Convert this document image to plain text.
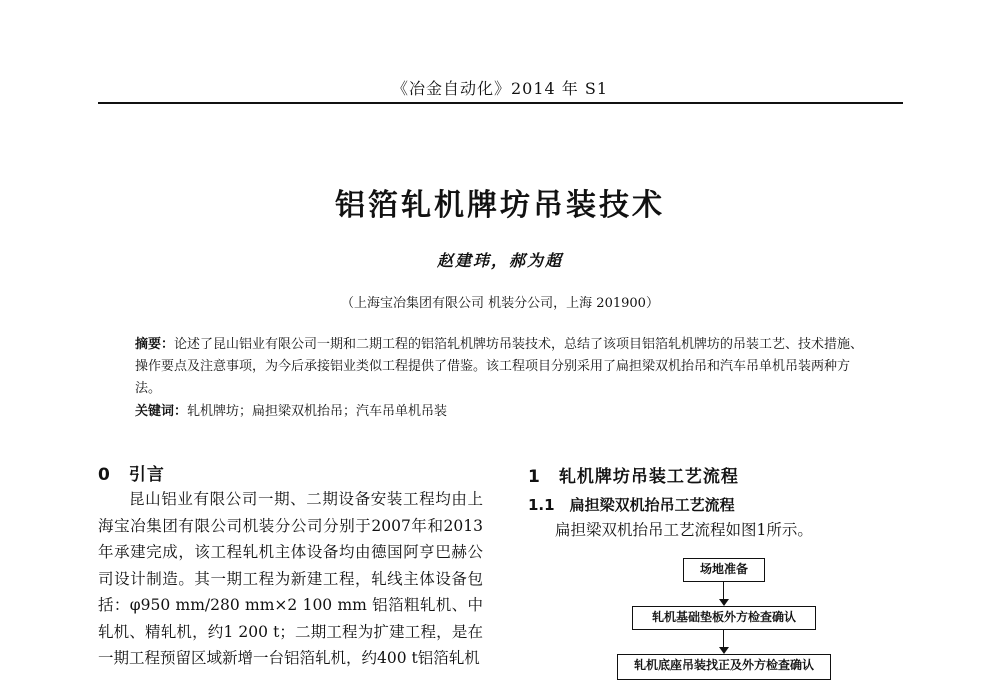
《冶金自动化》2014 年 S1
铝箔轧机牌坊吊装技术
赵建玮，郝为超
（上海宝冶集团有限公司 机装分公司，上海 201900）
摘要：论述了昆山铝业有限公司一期和二期工程的铝箔轧机牌坊吊装技术，总结了该项目铝箔轧机牌坊的吊装工艺、技术措施、操作要点及注意事项，为今后承接铝业类似工程提供了借鉴。该工程项目分别采用了扁担梁双机抬吊和汽车吊单机吊装两种方法。
关键词：轧机牌坊；扁担梁双机抬吊；汽车吊单机吊装
0　引言

昆山铝业有限公司一期、二期设备安装工程均由上海宝冶集团有限公司机装分公司分别于2007年和2013年承建完成，该工程轧机主体设备均由德国阿亨巴赫公司设计制造。其一期工程为新建工程，轧线主体设备包括：φ950 mm/280 mm×2 100 mm 铝箔粗轧机、中轧机、精轧机，约1 200 t；二期工程为扩建工程，是在一期工程预留区域新增一台铝箔轧机，约400 t铝箔轧机

1　轧机牌坊吊装工艺流程
1.1　扁担梁双机抬吊工艺流程
扁担梁双机抬吊工艺流程如图1所示。
场地准备
轧机基础垫板外方检查确认
轧机底座吊装找正及外方检查确认
